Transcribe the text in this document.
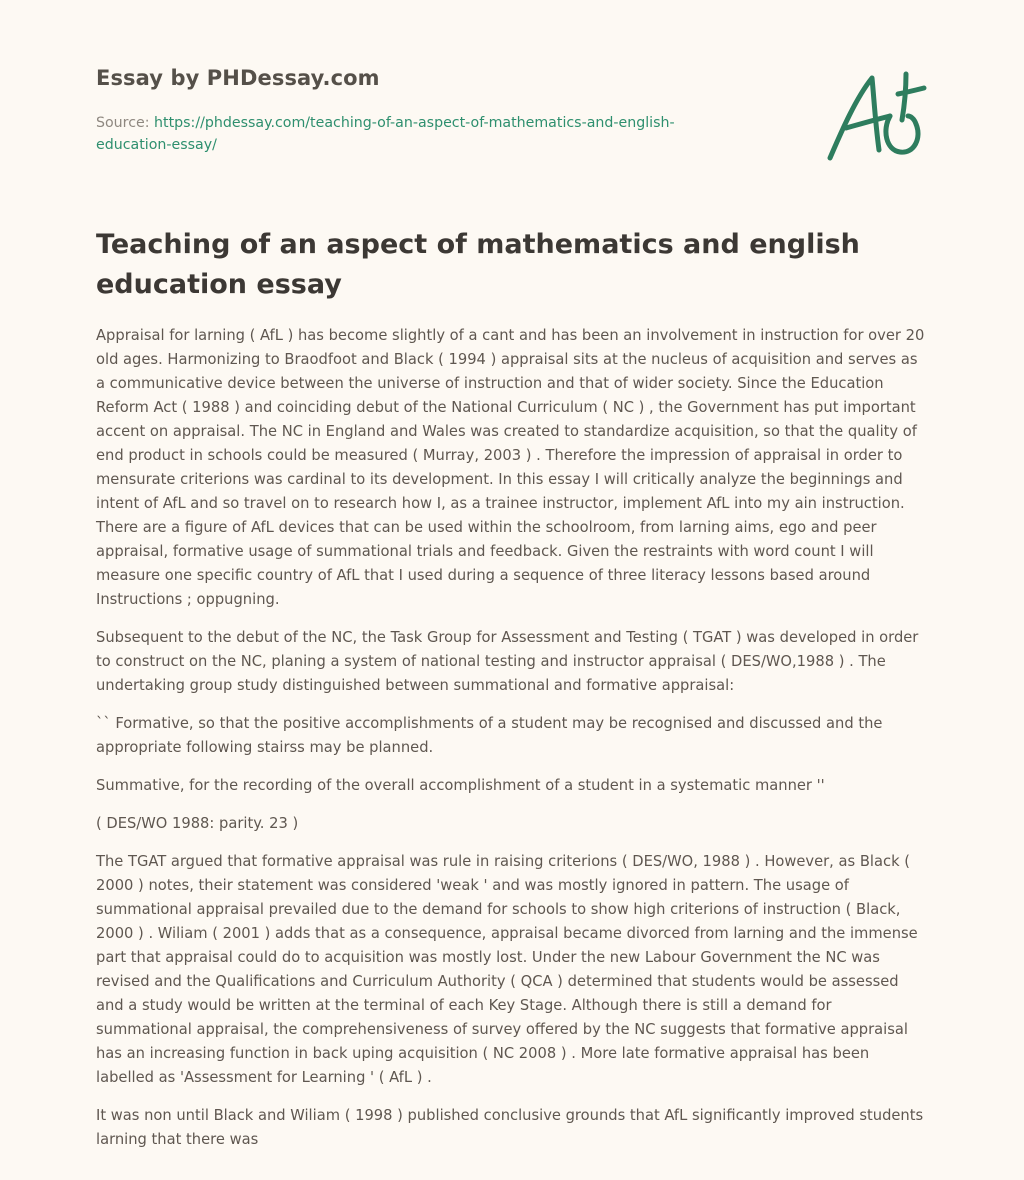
Essay by PHDessay.com
Source: https://phdessay.com/teaching-of-an-aspect-of-mathematics-and-english-education-essay/
Teaching of an aspect of mathematics and english education essay

Appraisal for larning ( AfL ) has become slightly of a cant and has been an involvement in instruction for over 20 old ages. Harmonizing to Braodfoot and Black ( 1994 ) appraisal sits at the nucleus of acquisition and serves as a communicative device between the universe of instruction and that of wider society. Since the Education Reform Act ( 1988 ) and coinciding debut of the National Curriculum ( NC ) , the Government has put important accent on appraisal. The NC in England and Wales was created to standardize acquisition, so that the quality of end product in schools could be measured ( Murray, 2003 ) . Therefore the impression of appraisal in order to mensurate criterions was cardinal to its development. In this essay I will critically analyze the beginnings and intent of AfL and so travel on to research how I, as a trainee instructor, implement AfL into my ain instruction. There are a figure of AfL devices that can be used within the schoolroom, from larning aims, ego and peer appraisal, formative usage of summational trials and feedback. Given the restraints with word count I will measure one specific country of AfL that I used during a sequence of three literacy lessons based around Instructions ; oppugning.

Subsequent to the debut of the NC, the Task Group for Assessment and Testing ( TGAT ) was developed in order to construct on the NC, planing a system of national testing and instructor appraisal ( DES/WO,1988 ) . The undertaking group study distinguished between summational and formative appraisal:

`` Formative, so that the positive accomplishments of a student may be recognised and discussed and the appropriate following stairss may be planned.

Summative, for the recording of the overall accomplishment of a student in a systematic manner ''

( DES/WO 1988: parity. 23 )

The TGAT argued that formative appraisal was rule in raising criterions ( DES/WO, 1988 ) . However, as Black ( 2000 ) notes, their statement was considered 'weak ' and was mostly ignored in pattern. The usage of summational appraisal prevailed due to the demand for schools to show high criterions of instruction ( Black, 2000 ) . Wiliam ( 2001 ) adds that as a consequence, appraisal became divorced from larning and the immense part that appraisal could do to acquisition was mostly lost. Under the new Labour Government the NC was revised and the Qualifications and Curriculum Authority ( QCA ) determined that students would be assessed and a study would be written at the terminal of each Key Stage. Although there is still a demand for summational appraisal, the comprehensiveness of survey offered by the NC suggests that formative appraisal has an increasing function in back uping acquisition ( NC 2008 ) . More late formative appraisal has been labelled as 'Assessment for Learning ' ( AfL ) .

It was non until Black and Wiliam ( 1998 ) published conclusive grounds that AfL significantly improved students larning that there was
